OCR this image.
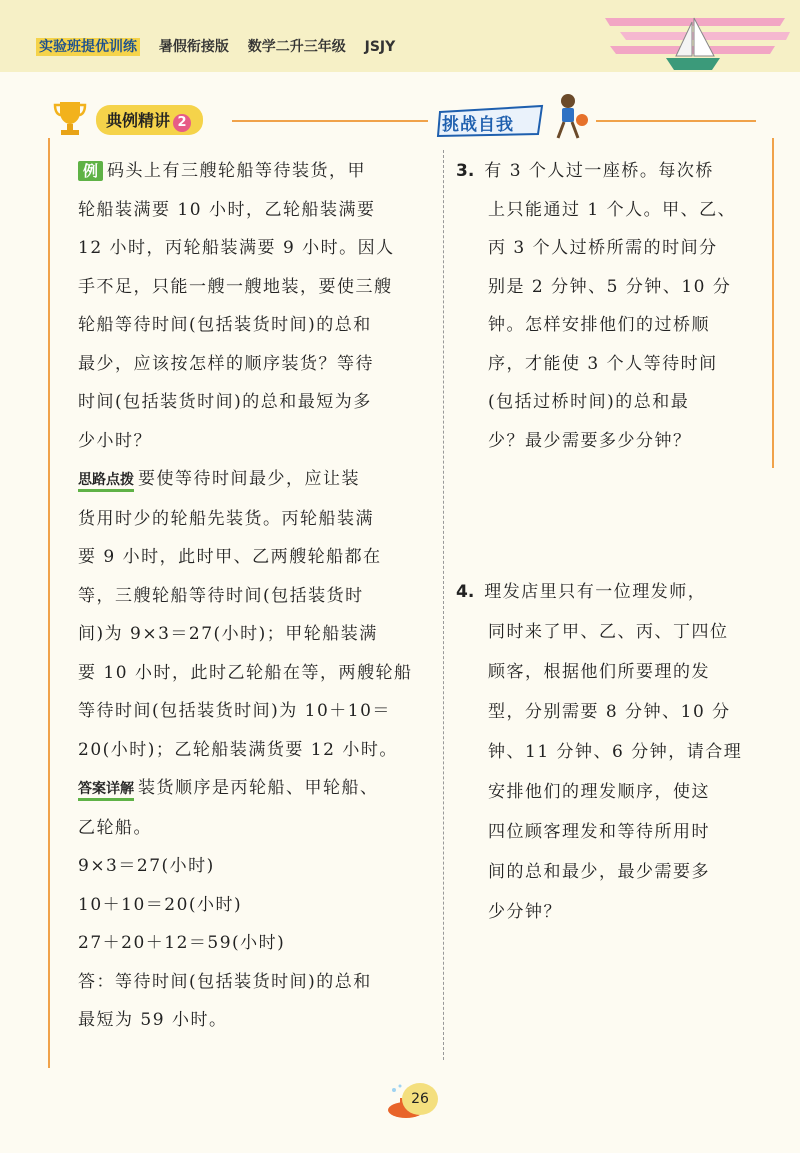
实验班提优训练 暑假衔接版 数学二升三年级 JSJY
典例精讲 2	挑战自我

例 码头上有三艘轮船等待装货，甲

轮船装满要 10 小时，乙轮船装满要

12 小时，丙轮船装满要 9 小时。因人

手不足，只能一艘一艘地装，要使三艘

轮船等待时间(包括装货时间)的总和

最少，应该按怎样的顺序装货？等待

时间(包括装货时间)的总和最短为多

少小时？

思路点拨 要使等待时间最少，应让装

货用时少的轮船先装货。丙轮船装满

要 9 小时，此时甲、乙两艘轮船都在

等，三艘轮船等待时间(包括装货时

间)为 9×3＝27(小时)；甲轮船装满

要 10 小时，此时乙轮船在等，两艘轮船

等待时间(包括装货时间)为 10＋10＝

20(小时)；乙轮船装满货要 12 小时。

答案详解 装货顺序是丙轮船、甲轮船、

乙轮船。

9×3＝27(小时)

10＋10＝20(小时)

27＋20＋12＝59(小时)

答：等待时间(包括装货时间)的总和

最短为 59 小时。

3. 有 3 个人过一座桥。每次桥

上只能通过 1 个人。甲、乙、

丙 3 个人过桥所需的时间分

别是 2 分钟、5 分钟、10 分

钟。怎样安排他们的过桥顺

序，才能使 3 个人等待时间

(包括过桥时间)的总和最

少？最少需要多少分钟？

4. 理发店里只有一位理发师，

同时来了甲、乙、丙、丁四位

顾客，根据他们所要理的发

型，分别需要 8 分钟、10 分

钟、11 分钟、6 分钟，请合理

安排他们的理发顺序，使这

四位顾客理发和等待所用时

间的总和最少，最少需要多

少分钟？

26
